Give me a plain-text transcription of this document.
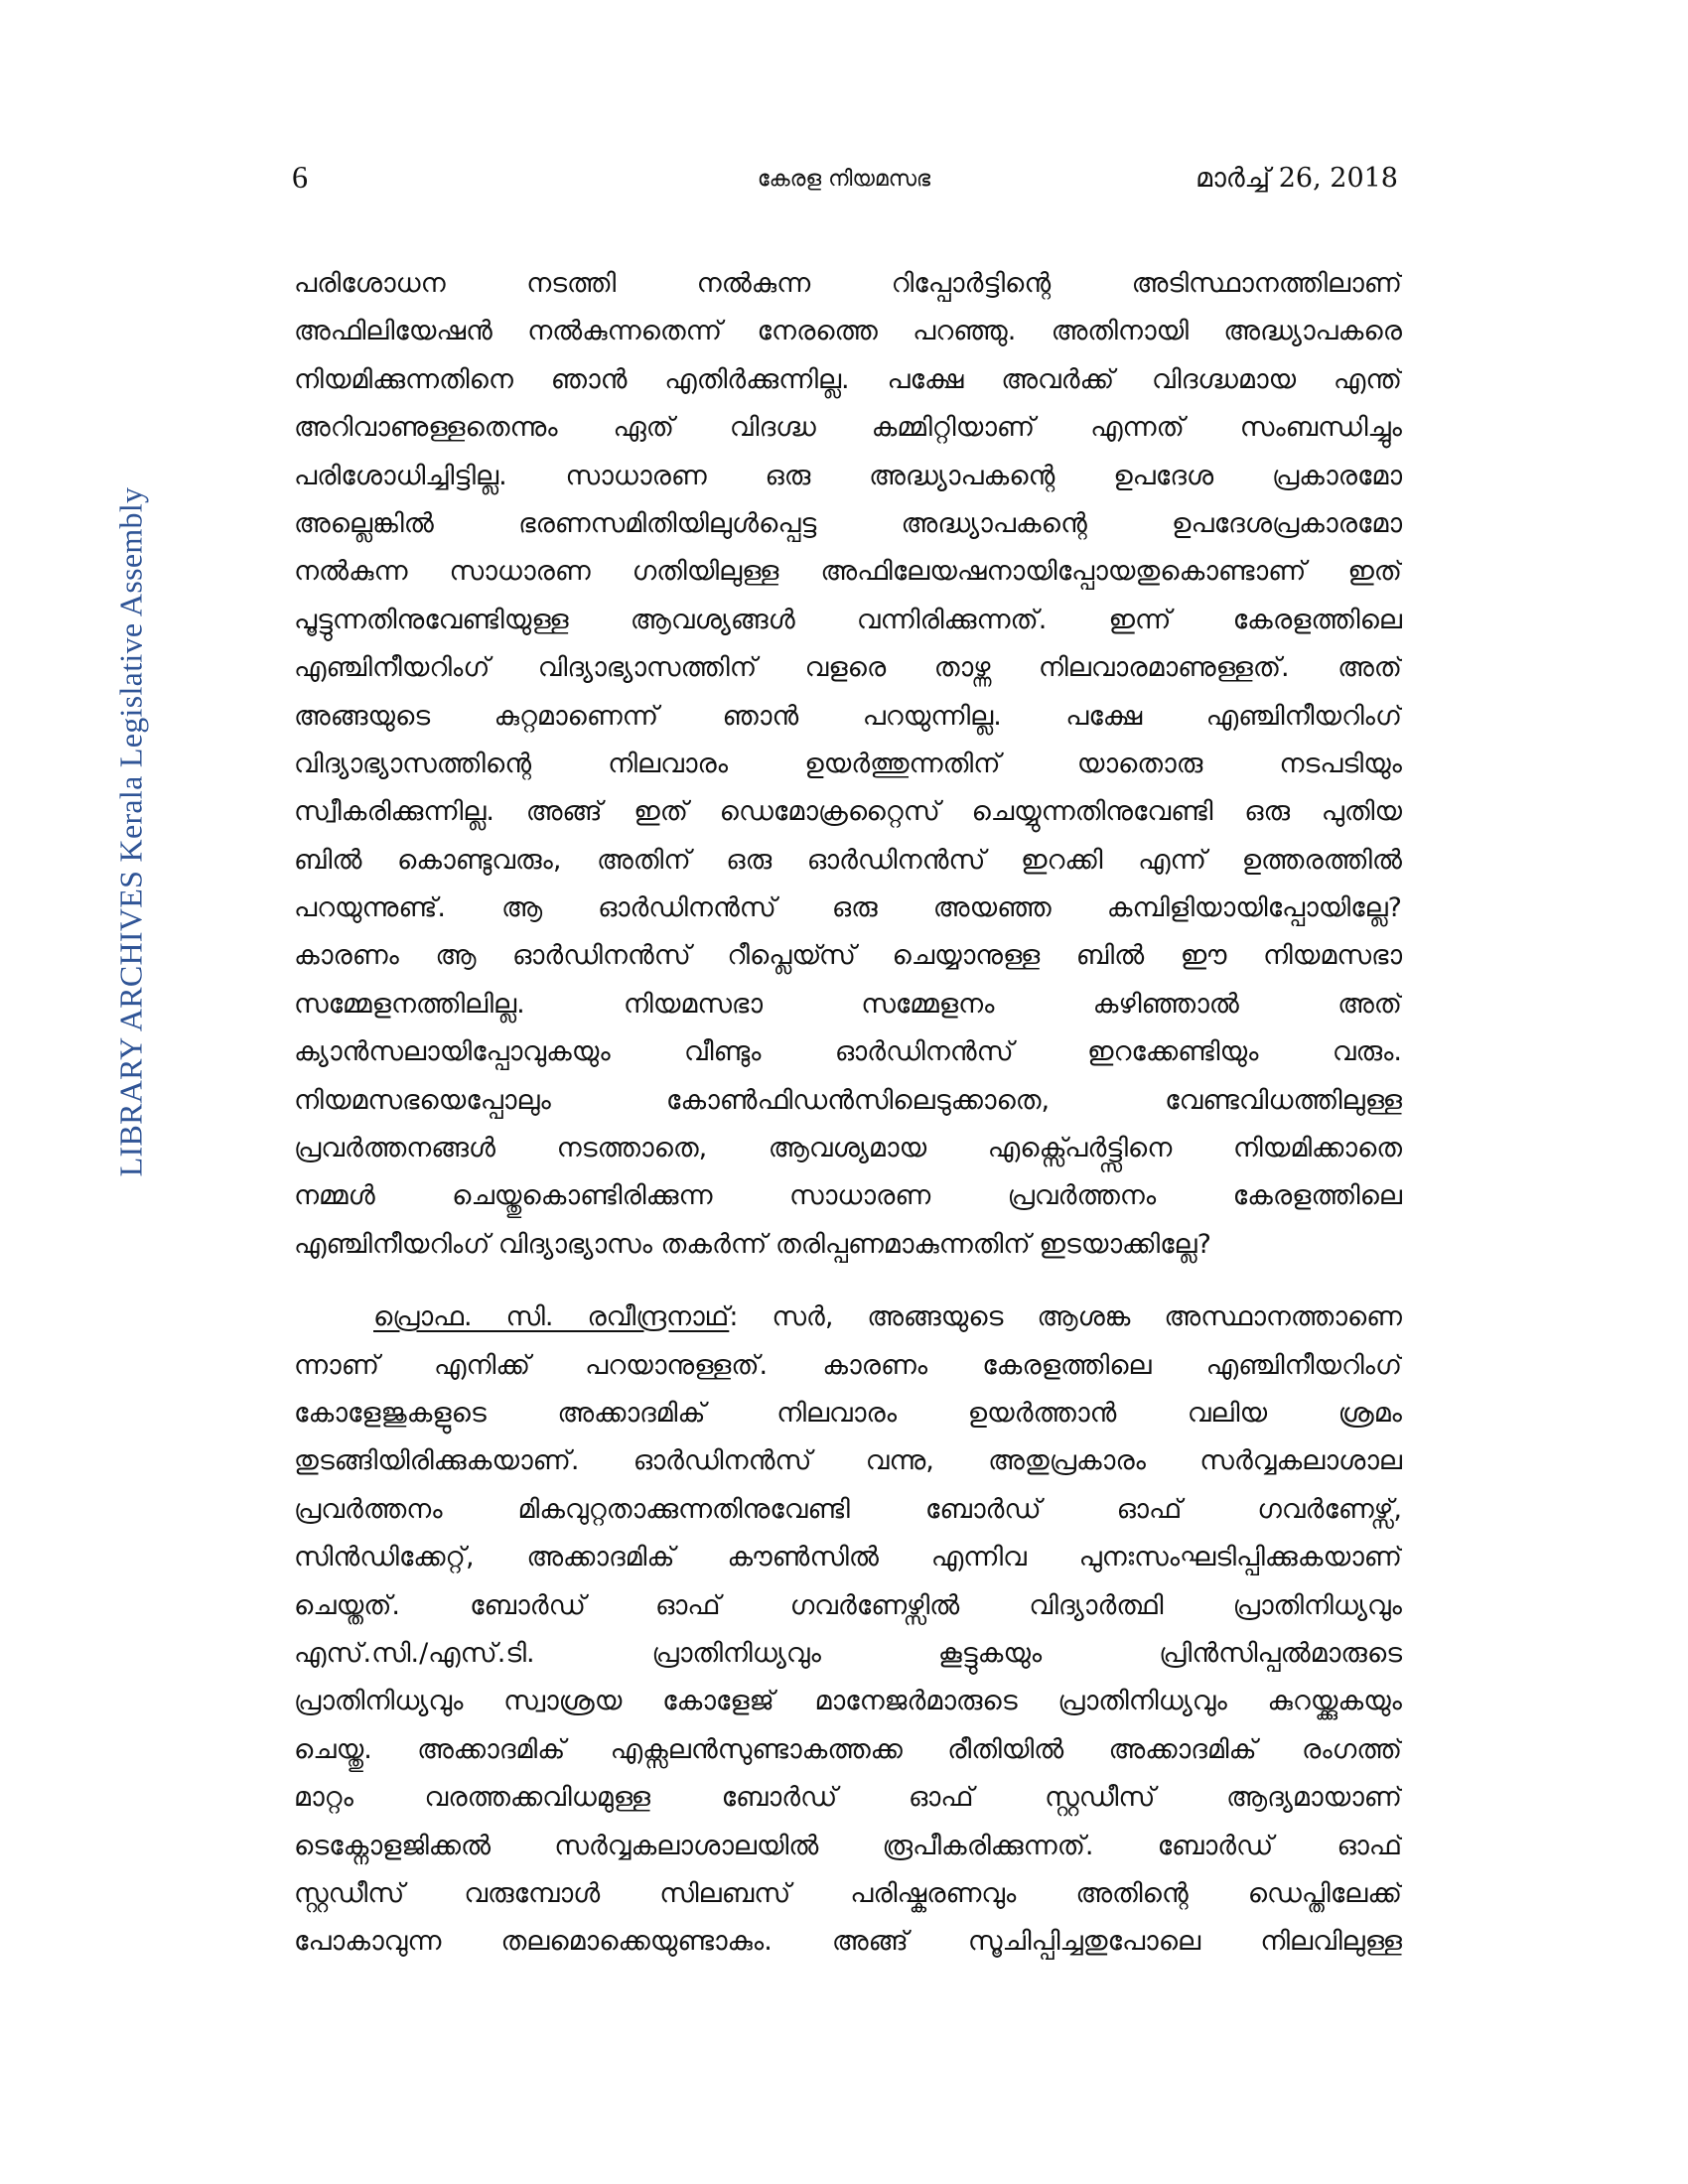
6	കേരള നിയമസഭ	മാർച്ച് 26, 2018
LIBRARY ARCHIVES Kerala Legislative Assembly
പരിശോധന നടത്തി നൽകുന്ന റിപ്പോർട്ടിന്റെ അടിസ്ഥാനത്തിലാണ്
അഫിലിയേഷൻ നൽകുന്നതെന്ന് നേരത്തെ പറഞ്ഞു. അതിനായി അദ്ധ്യാപകരെ
നിയമിക്കുന്നതിനെ ഞാൻ എതിർക്കുന്നില്ല. പക്ഷേ അവർക്ക് വിദഗ്ദ്ധമായ എന്ത്
അറിവാണുള്ളതെന്നും ഏത് വിദഗ്ദ്ധ കമ്മിറ്റിയാണ് എന്നത് സംബന്ധിച്ചും
പരിശോധിച്ചിട്ടില്ല. സാധാരണ ഒരു അദ്ധ്യാപകന്റെ ഉപദേശ പ്രകാരമോ
അല്ലെങ്കിൽ ഭരണസമിതിയിലുൾപ്പെട്ട അദ്ധ്യാപകന്റെ ഉപദേശപ്രകാരമോ
നൽകുന്ന സാധാരണ ഗതിയിലുള്ള അഫിലേയഷനായിപ്പോയതുകൊണ്ടാണ് ഇത്
പൂട്ടുന്നതിനുവേണ്ടിയുള്ള ആവശ്യങ്ങൾ വന്നിരിക്കുന്നത്. ഇന്ന് കേരളത്തിലെ
എഞ്ചിനീയറിംഗ് വിദ്യാഭ്യാസത്തിന് വളരെ താഴ്ന്ന നിലവാരമാണുള്ളത്. അത്
അങ്ങയുടെ കുറ്റമാണെന്ന് ഞാൻ പറയുന്നില്ല. പക്ഷേ എഞ്ചിനീയറിംഗ്
വിദ്യാഭ്യാസത്തിന്റെ നിലവാരം ഉയർത്തുന്നതിന് യാതൊരു നടപടിയും
സ്വീകരിക്കുന്നില്ല. അങ്ങ് ഇത് ഡെമോക്രറ്റൈസ് ചെയ്യുന്നതിനുവേണ്ടി ഒരു പുതിയ
ബിൽ കൊണ്ടുവരും, അതിന് ഒരു ഓർഡിനൻസ് ഇറക്കി എന്ന് ഉത്തരത്തിൽ
പറയുന്നുണ്ട്. ആ ഓർഡിനൻസ് ഒരു അയഞ്ഞ കമ്പിളിയായിപ്പോയില്ലേ?
കാരണം ആ ഓർഡിനൻസ് റീപ്ലെയ്സ് ചെയ്യാനുള്ള ബിൽ ഈ നിയമസഭാ
സമ്മേളനത്തിലില്ല. നിയമസഭാ സമ്മേളനം കഴിഞ്ഞാൽ അത്
ക്യാൻസലായിപ്പോവുകയും വീണ്ടും ഓർഡിനൻസ് ഇറക്കേണ്ടിയും വരും.
നിയമസഭയെപ്പോലും കോൺഫിഡൻസിലെടുക്കാതെ, വേണ്ടവിധത്തിലുള്ള
പ്രവർത്തനങ്ങൾ നടത്താതെ, ആവശ്യമായ എക്സ്പെർട്ട്സിനെ നിയമിക്കാതെ
നമ്മൾ ചെയ്തുകൊണ്ടിരിക്കുന്ന സാധാരണ പ്രവർത്തനം കേരളത്തിലെ
എഞ്ചിനീയറിംഗ് വിദ്യാഭ്യാസം തകർന്ന് തരിപ്പണമാകുന്നതിന് ഇടയാക്കില്ലേ?
പ്രൊഫ. സി. രവീന്ദ്രനാഥ്: സർ, അങ്ങയുടെ ആശങ്ക അസ്ഥാനത്താണെ
ന്നാണ് എനിക്ക് പറയാനുള്ളത്. കാരണം കേരളത്തിലെ എഞ്ചിനീയറിംഗ്
കോളേജുകളുടെ അക്കാദമിക് നിലവാരം ഉയർത്താൻ വലിയ ശ്രമം
തുടങ്ങിയിരിക്കുകയാണ്. ഓർഡിനൻസ് വന്നു, അതുപ്രകാരം സർവ്വകലാശാല
പ്രവർത്തനം മികവുറ്റതാക്കുന്നതിനുവേണ്ടി ബോർഡ് ഓഫ് ഗവർണേഴ്സ്,
സിൻഡിക്കേറ്റ്, അക്കാദമിക് കൗൺസിൽ എന്നിവ പുനഃസംഘടിപ്പിക്കുകയാണ്
ചെയ്തത്. ബോർഡ് ഓഫ് ഗവർണേഴ്സിൽ വിദ്യാർത്ഥി പ്രാതിനിധ്യവും
എസ്.സി./എസ്.ടി. പ്രാതിനിധ്യവും കൂട്ടുകയും പ്രിൻസിപ്പൽമാരുടെ
പ്രാതിനിധ്യവും സ്വാശ്രയ കോളേജ് മാനേജർമാരുടെ പ്രാതിനിധ്യവും കുറയ്ക്കുകയും
ചെയ്തു. അക്കാദമിക് എക്സലൻസുണ്ടാകത്തക്ക രീതിയിൽ അക്കാദമിക് രംഗത്ത്
മാറ്റം വരത്തക്കവിധമുള്ള ബോർഡ് ഓഫ് സ്റ്റഡീസ് ആദ്യമായാണ്
ടെക്നോളജിക്കൽ സർവ്വകലാശാലയിൽ രൂപീകരിക്കുന്നത്. ബോർഡ് ഓഫ്
സ്റ്റഡീസ് വരുമ്പോൾ സിലബസ് പരിഷ്കരണവും അതിന്റെ ഡെപ്തിലേക്ക്
പോകാവുന്ന തലമൊക്കെയുണ്ടാകും. അങ്ങ് സൂചിപ്പിച്ചതുപോലെ നിലവിലുള്ള
